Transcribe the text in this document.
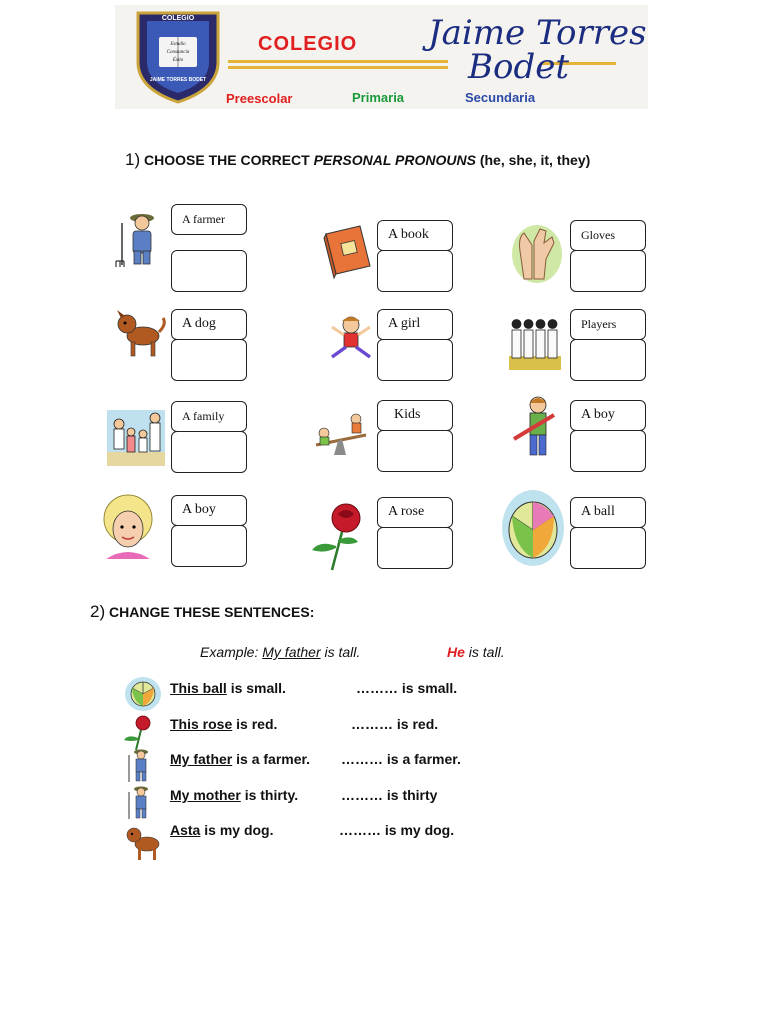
COLEGIO
Estudio
Constancia
Éxito
JAIME TORRES BODET
COLEGIO Jaime Torres
Bodet
Preescolar	Primaria	Secundaria
1) CHOOSE THE CORRECT PERSONAL PRONOUNS (he, she, it, they)
A farmer
A book	Gloves
A dog	A girl	Players
A family	Kids	A boy
A boy	A rose	A ball
2) CHANGE THESE SENTENCES:
Example: My father is tall.	He is tall.
This ball is small.	……… is small.
This rose is red.	……… is red.
My father is a farmer. ……… is a farmer.
My mother is thirty.	……… is thirty
Asta is my dog.	……… is my dog.
